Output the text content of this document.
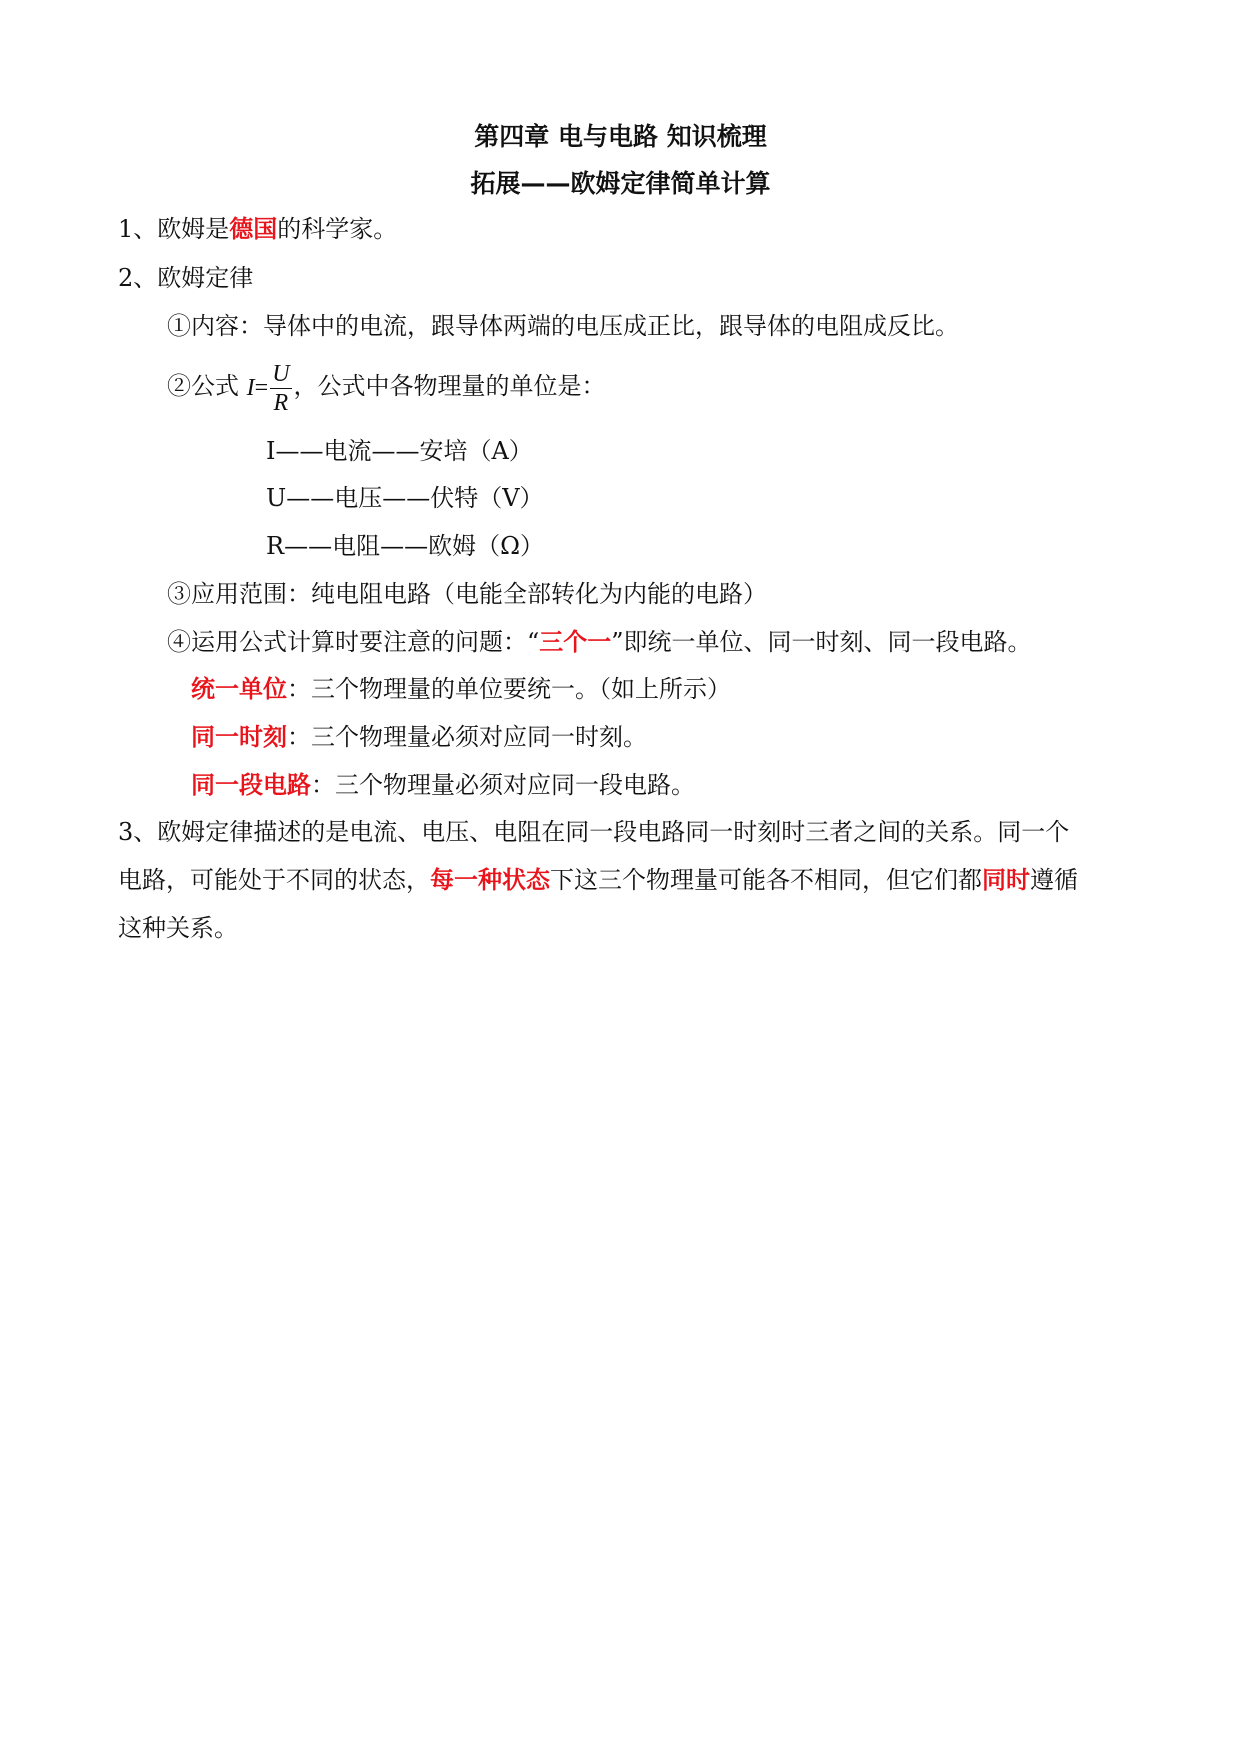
第四章 电与电路 知识梳理
拓展——欧姆定律简单计算
1、欧姆是德国的科学家。
2、欧姆定律
①内容：导体中的电流，跟导体两端的电压成正比，跟导体的电阻成反比。
②公式 $I= \frac{U}{R}$ ，公式中各物理量的单位是：
I——电流——安培（A）
U——电压——伏特（V）
R——电阻——欧姆（Ω）
③应用范围：纯电阻电路（电能全部转化为内能的电路）
④运用公式计算时要注意的问题：“三个一”即统一单位、同一时刻、同一段电路。
统一单位：三个物理量的单位要统一。（如上所示）
同一时刻：三个物理量必须对应同一时刻。
同一段电路：三个物理量必须对应同一段电路。
3、欧姆定律描述的是电流、电压、电阻在同一段电路同一时刻时三者之间的关系。同一个
电路，可能处于不同的状态，每一种状态下这三个物理量可能各不相同，但它们都同时遵循
这种关系。
